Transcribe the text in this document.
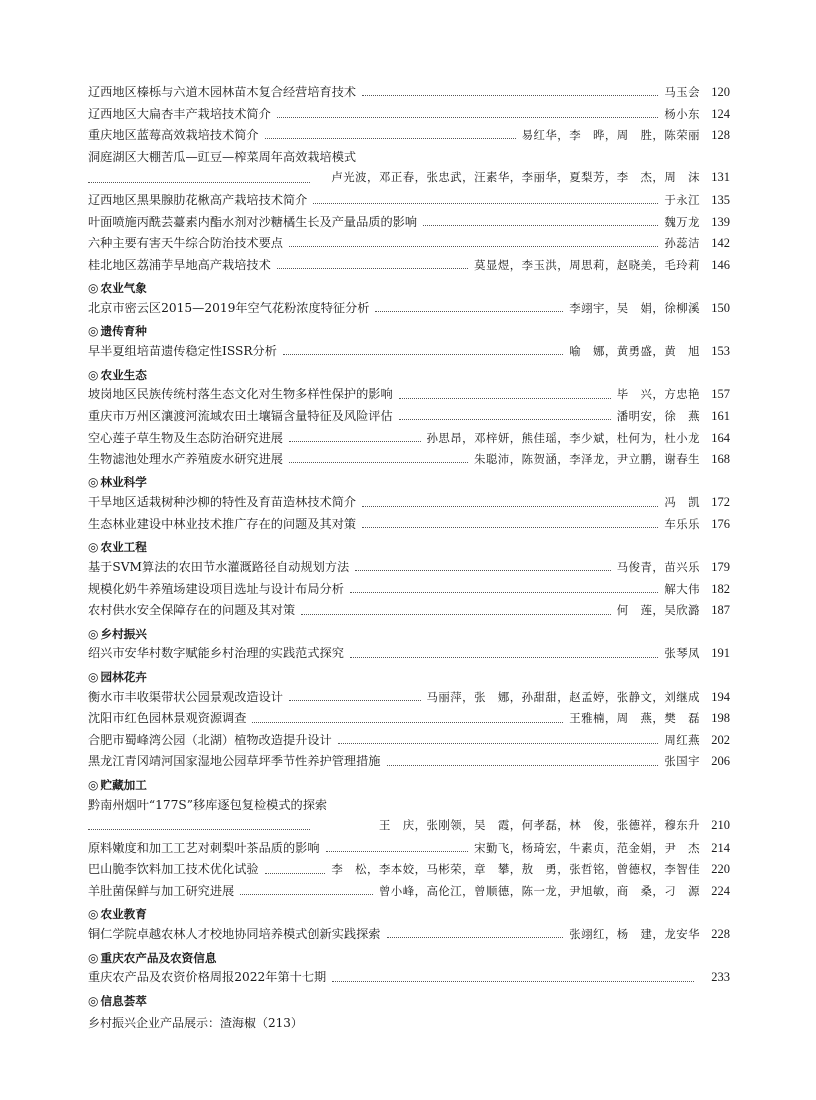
辽西地区榛栎与六道木园林苗木复合经营培育技术	马玉会 120
辽西地区大扁杏丰产栽培技术简介	杨小东 124
重庆地区蓝莓高效栽培技术简介	易红华，李　晔，周　胜，陈荣丽 128
洞庭湖区大棚苦瓜—豇豆—榨菜周年高效栽培模式
卢光波，邓正春，张忠武，汪素华，李丽华，夏梨芳，李　杰，周　沫 131
辽西地区黑果腺肋花楸高产栽培技术简介	于永江 135
叶面喷施丙酰芸薹素内酯水剂对沙糖橘生长及产量品质的影响	魏万龙 139
六种主要有害天牛综合防治技术要点	孙蕊洁 142
桂北地区荔浦芋旱地高产栽培技术	莫显煜，李玉洪，周思莉，赵晓美，毛玲莉 146
◎ 农业气象
北京市密云区2015—2019年空气花粉浓度特征分析	李翊宇，吴　娟，徐柳溪 150
◎ 遗传育种
早半夏组培苗遗传稳定性ISSR分析	喻　娜，黄勇盛，黄　旭 153
◎ 农业生态
坡岗地区民族传统村落生态文化对生物多样性保护的影响	毕　兴，方忠艳 157
重庆市万州区瀼渡河流域农田土壤镉含量特征及风险评估	潘明安，徐　燕 161
空心莲子草生物及生态防治研究进展	孙思昂，邓梓妍，熊佳瑶，李少斌，杜何为，杜小龙 164
生物滤池处理水产养殖废水研究进展	朱聪沛，陈贺涵，李泽龙，尹立鹏，谢春生 168
◎ 林业科学
干旱地区适栽树种沙柳的特性及育苗造林技术简介	冯　凯 172
生态林业建设中林业技术推广存在的问题及其对策	车乐乐 176
◎ 农业工程
基于SVM算法的农田节水灌溉路径自动规划方法	马俊青，苗兴乐 179
规模化奶牛养殖场建设项目选址与设计布局分析	解大伟 182
农村供水安全保障存在的问题及其对策	何　莲，吴欣潞 187
◎ 乡村振兴
绍兴市安华村数字赋能乡村治理的实践范式探究	张琴凤 191
◎ 园林花卉
衡水市丰收渠带状公园景观改造设计	马丽萍，张　娜，孙甜甜，赵孟婷，张静文，刘继成 194
沈阳市红色园林景观资源调查	王雅楠，周　燕，樊　磊 198
合肥市蜀峰湾公园（北湖）植物改造提升设计	周红燕 202
黑龙江青冈靖河国家湿地公园草坪季节性养护管理措施	张国宇 206
◎ 贮藏加工
黔南州烟叶“177S”移库逐包复检模式的探索
王　庆，张刚领，吴　霞，何孝磊，林　俊，张德祥，穆东升 210
原料嫩度和加工工艺对刺梨叶茶品质的影响	宋勤飞，杨琦宏，牛素贞，范金娟，尹　杰 214
巴山脆李饮料加工技术优化试验	李　松，李本姣，马彬荣，章　攀，敖　勇，张哲铭，曾德权，李智佳 220
羊肚菌保鲜与加工研究进展	曾小峰，高伦江，曾顺德，陈一龙，尹旭敏，商　桑，刁　源 224
◎ 农业教育
铜仁学院卓越农林人才校地协同培养模式创新实践探索	张翊红，杨　建，龙安华 228
◎ 重庆农产品及农资信息
重庆农产品及农资价格周报2022年第十七期	233
◎ 信息荟萃
乡村振兴企业产品展示：渣海椒（213）
